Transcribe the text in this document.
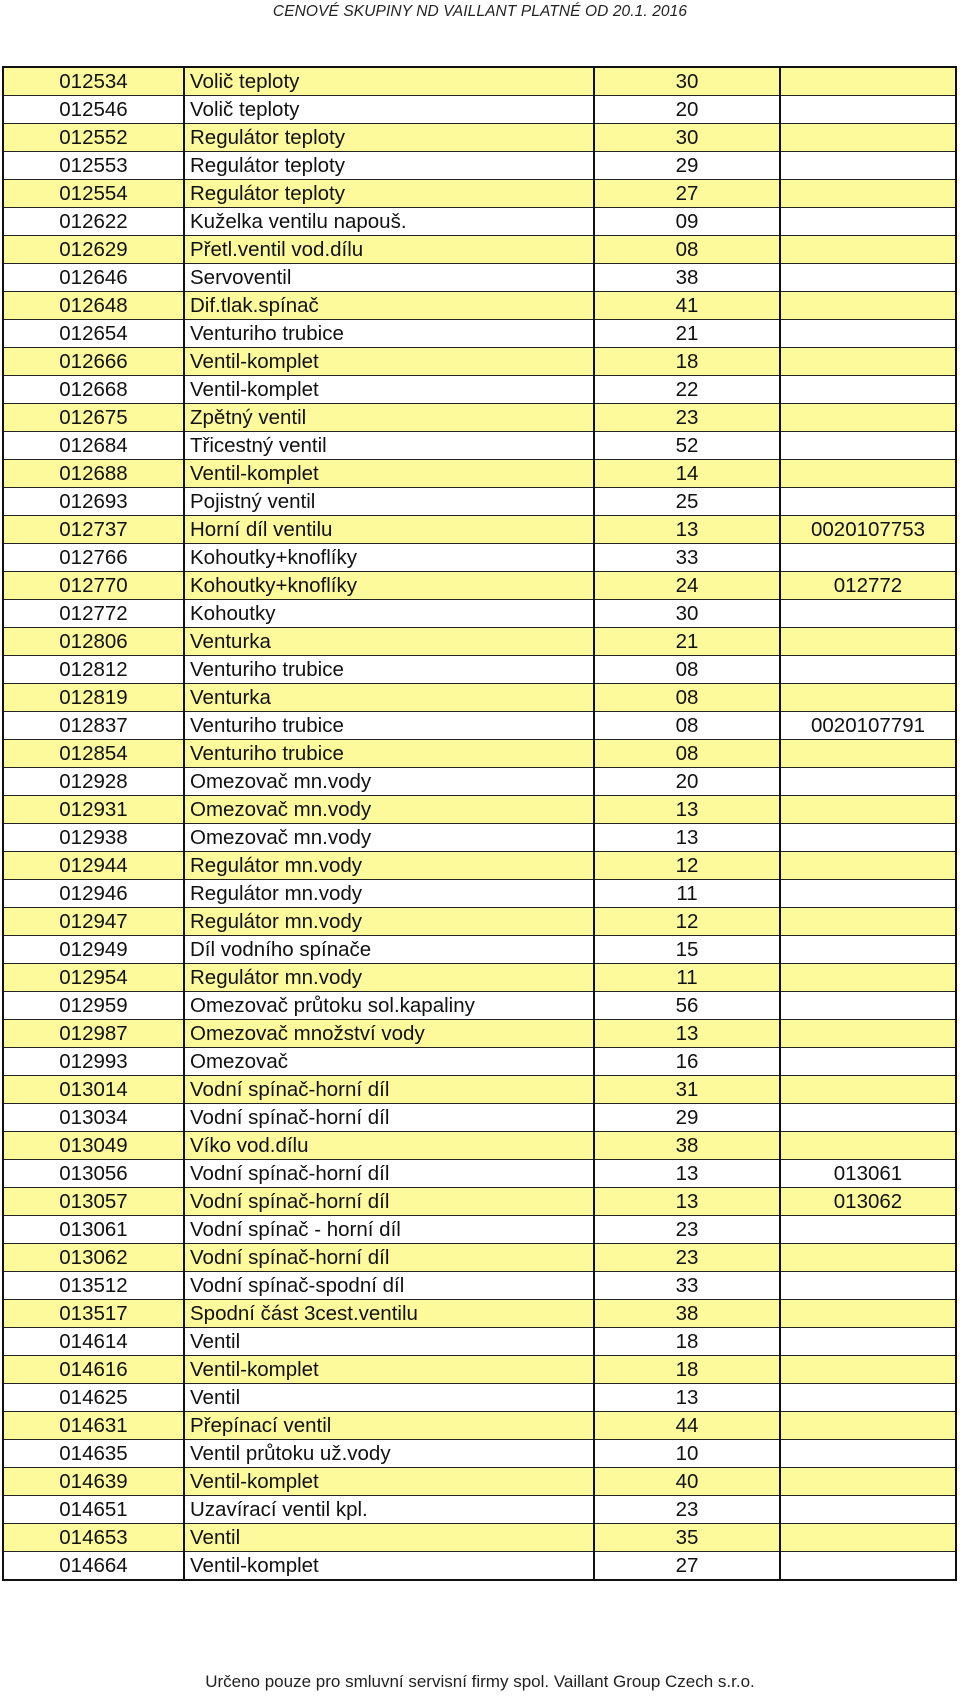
CENOVÉ SKUPINY ND VAILLANT PLATNÉ OD 20.1. 2016
012534	Volič teploty	30	
012546	Volič teploty	20	
012552	Regulátor teploty	30	
012553	Regulátor teploty	29	
012554	Regulátor teploty	27	
012622	Kuželka ventilu napouš.	09	
012629	Přetl.ventil vod.dílu	08	
012646	Servoventil	38	
012648	Dif.tlak.spínač	41	
012654	Venturiho trubice	21	
012666	Ventil-komplet	18	
012668	Ventil-komplet	22	
012675	Zpětný ventil	23	
012684	Třicestný ventil	52	
012688	Ventil-komplet	14	
012693	Pojistný ventil	25	
012737	Horní díl ventilu	13	0020107753
012766	Kohoutky+knoflíky	33	
012770	Kohoutky+knoflíky	24	012772
012772	Kohoutky	30	
012806	Venturka	21	
012812	Venturiho trubice	08	
012819	Venturka	08	
012837	Venturiho trubice	08	0020107791
012854	Venturiho trubice	08	
012928	Omezovač mn.vody	20	
012931	Omezovač mn.vody	13	
012938	Omezovač mn.vody	13	
012944	Regulátor mn.vody	12	
012946	Regulátor mn.vody	11	
012947	Regulátor mn.vody	12	
012949	Díl vodního spínače	15	
012954	Regulátor mn.vody	11	
012959	Omezovač průtoku sol.kapaliny	56	
012987	Omezovač množství vody	13	
012993	Omezovač	16	
013014	Vodní spínač-horní díl	31	
013034	Vodní spínač-horní díl	29	
013049	Víko vod.dílu	38	
013056	Vodní spínač-horní díl	13	013061
013057	Vodní spínač-horní díl	13	013062
013061	Vodní spínač - horní díl	23	
013062	Vodní spínač-horní díl	23	
013512	Vodní spínač-spodní díl	33	
013517	Spodní část 3cest.ventilu	38	
014614	Ventil	18	
014616	Ventil-komplet	18	
014625	Ventil	13	
014631	Přepínací ventil	44	
014635	Ventil průtoku už.vody	10	
014639	Ventil-komplet	40	
014651	Uzavírací ventil kpl.	23	
014653	Ventil	35	
014664	Ventil-komplet	27	
Určeno pouze pro smluvní servisní firmy spol. Vaillant Group Czech s.r.o.
